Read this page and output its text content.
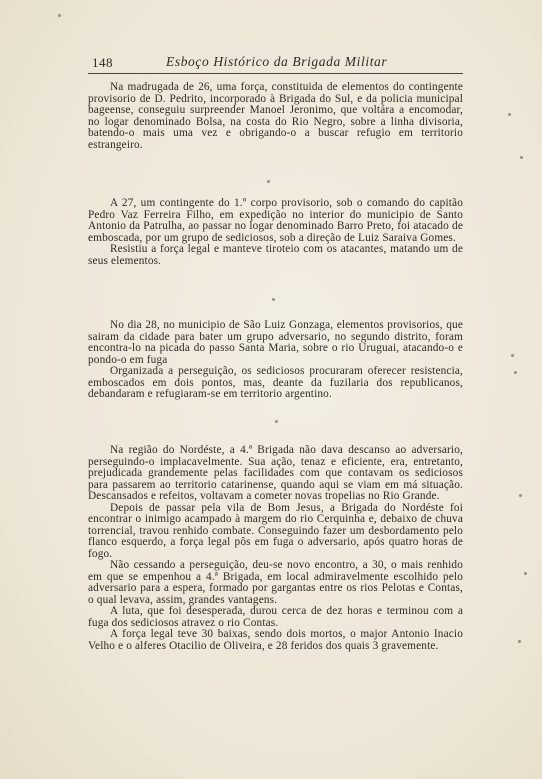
148	Esboço Histórico da Brigada Militar

Na madrugada de 26, uma força, constituida de elementos do contingente provisorio de D. Pedrito, incorporado à Brigada do Sul, e da policia municipal bageense, conseguiu surpreender Manoel Jeronimo, que voltára a encomodar, no logar denominado Bolsa, na costa do Rio Negro, sobre a linha divisoria, batendo-o mais uma vez e obrigando-o a buscar refugio em territorio estrangeiro.

A 27, um contingente do 1.º corpo provisorio, sob o comando do capitão Pedro Vaz Ferreira Filho, em expedição no interior do municipio de Santo Antonio da Patrulha, ao passar no logar denominado Barro Preto, foi atacado de emboscada, por um grupo de sediciosos, sob a direção de Luiz Saraiva Gomes.

Resistiu a força legal e manteve tiroteio com os atacantes, matando um de seus elementos.

No dia 28, no municipio de São Luiz Gonzaga, elementos provisorios, que sairam da cidade para bater um grupo adversario, no segundo distrito, foram encontra-lo na picada do passo Santa Maria, sobre o rio Uruguai, atacando-o e pondo-o em fuga

Organizada a perseguição, os sediciosos procuraram oferecer resistencia, emboscados em dois pontos, mas, deante da fuzilaria dos republicanos, debandaram e refugiaram-se em territorio argentino.

Na região do Nordéste, a 4.ª Brigada não dava descanso ao adversario, perseguindo-o implacavelmente. Sua ação, tenaz e eficiente, era, entretanto, prejudicada grandemente pelas facilidades com que contavam os sediciosos para passarem ao territorio catarinense, quando aqui se viam em má situação. Descansados e refeitos, voltavam a cometer novas tropelias no Rio Grande.

Depois de passar pela vila de Bom Jesus, a Brigada do Nordéste foi encontrar o inimigo acampado à margem do rio Cerquinha e, debaixo de chuva torrencial, travou renhido combate. Conseguindo fazer um desbordamento pelo flanco esquerdo, a força legal pôs em fuga o adversario, após quatro horas de fogo.

Não cessando a perseguição, deu-se novo encontro, a 30, o mais renhido em que se empenhou a 4.ª Brigada, em local admiravelmente escolhido pelo adversario para a espera, formado por gargantas entre os rios Pelotas e Contas, o qual levava, assim, grandes vantagens.

A luta, que foi desesperada, durou cerca de dez horas e terminou com a fuga dos sediciosos atravez o rio Contas.

A força legal teve 30 baixas, sendo dois mortos, o major Antonio Inacio Velho e o alferes Otacilio de Oliveira, e 28 feridos dos quais 3 gravemente.
